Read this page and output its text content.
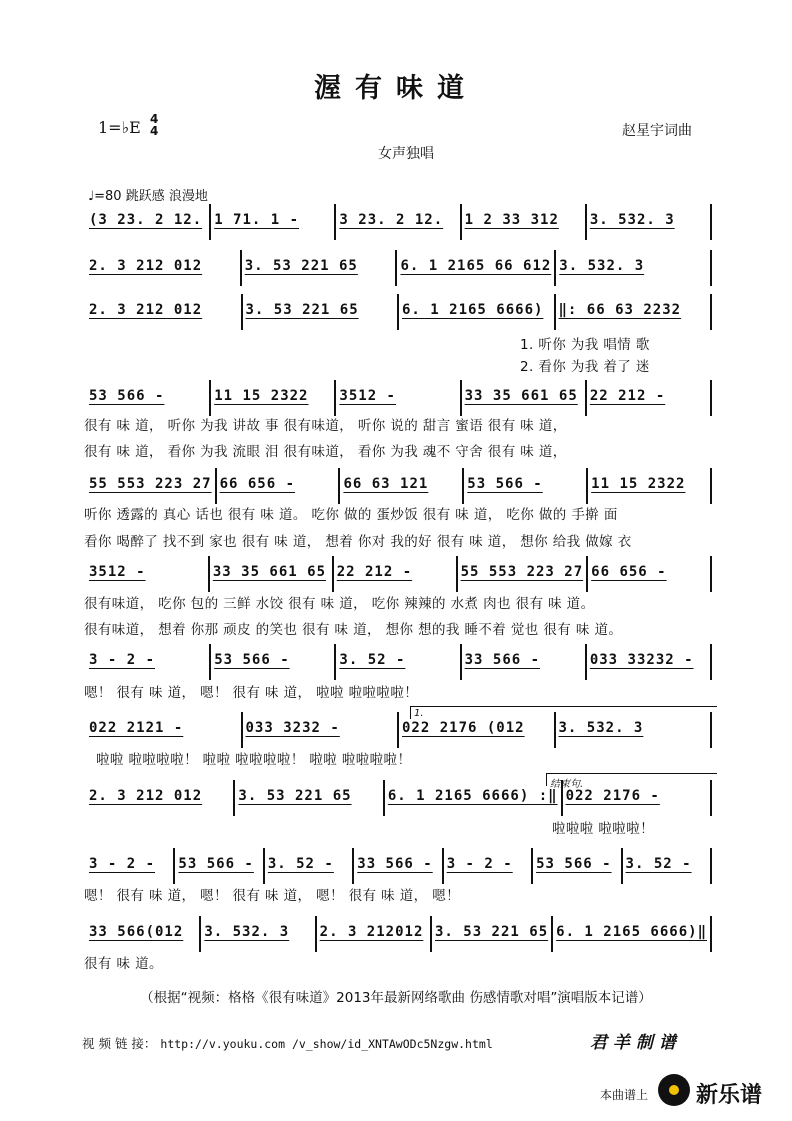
渥有味道
1=♭E 4
4	赵星宇词曲
女声独唱
♩=80 跳跃感 浪漫地
(3 23. 2 12. 1 71. 1 -	3 23. 2 12.	1 2 33 312	3. 532. 3
2. 3 212 012	3. 53 221 65	6. 1 2165 66 612 3. 532. 3
2. 3 212 012	3. 53 221 65	6. 1 2165 6666)	‖: 66 63 2232
53 566 -	11 15 2322	3512 -	33 35 661 65 22 212 -
55 553 223 27 66 656 -	66 63 121	53 566 -	11 15 2322
3512 -	33 35 661 65 22 212 -	55 553 223 27 66 656 -
3 - 2 -	53 566 -	3. 52 -	33 566 -	033 33232 -
022 2121 -	033 3232 -	022 2176 (012	3. 532. 3
2. 3 212 012	3. 53 221 65	6. 1 2165 6666) :‖ 022 2176 -
3 - 2 -	53 566 - 3. 52 -	33 566 - 3 - 2 -	53 566 - 3. 52 -
33 566(012	3. 532. 3	2. 3 212012 3. 53 221 65 6. 1 2165 6666)‖
1.
结束句.
1. 听你 为我 唱情 歌
2. 看你 为我 着了 迷
很有 味 道， 听你 为我 讲故 事 很有味道， 听你 说的 甜言 蜜语 很有 味 道，
很有 味 道， 看你 为我 流眼 泪 很有味道， 看你 为我 魂不 守舍 很有 味 道，
听你 透露的 真心 话也 很有 味 道。 吃你 做的 蛋炒饭 很有 味 道， 吃你 做的 手擀 面
看你 喝醉了 找不到 家也 很有 味 道， 想着 你对 我的好 很有 味 道， 想你 给我 做嫁 衣
很有味道， 吃你 包的 三鲜 水饺 很有 味 道， 吃你 辣辣的 水煮 肉也 很有 味 道。
很有味道， 想着 你那 顽皮 的笑也 很有 味 道， 想你 想的我 睡不着 觉也 很有 味 道。
嗯！ 很有 味 道， 嗯！ 很有 味 道， 啦啦 啦啦啦啦！
啦啦 啦啦啦啦！ 啦啦 啦啦啦啦！ 啦啦 啦啦啦啦！
啦啦啦 啦啦啦！
嗯！ 很有 味 道， 嗯！ 很有 味 道， 嗯！ 很有 味 道， 嗯！
很有 味 道。
（根据“视频：格格《很有味道》2013年最新网络歌曲 伤感情歌对唱”演唱版本记谱）
视 频 链 接： http://v.youku.com /v_show/id_XNTAwODc5Nzgw.html	君 羊 制 谱
本曲谱上 新乐谱
